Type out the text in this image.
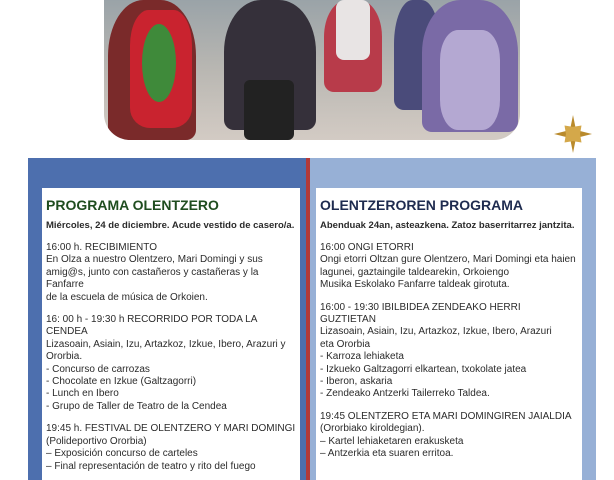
PROGRAMA OLENTZERO
Miércoles, 24 de diciembre. Acude vestido de casero/a.
16:00 h. RECIBIMIENTO
En Olza a nuestro Olentzero, Mari Domingi y sus
amig@s, junto con castañeros y castañeras y la Fanfarre
de la escuela de música de Orkoien.
16: 00 h - 19:30 h RECORRIDO POR TODA LA CENDEA
Lizasoain, Asiain, Izu, Artazkoz, Izkue, Ibero, Arazuri y
Ororbia.
- Concurso de carrozas
- Chocolate en Izkue (Galtzagorri)
- Lunch en Ibero
- Grupo de Taller de Teatro de la Cendea
19:45 h. FESTIVAL DE OLENTZERO Y MARI DOMINGI
(Polideportivo Ororbia)
– Exposición concurso de carteles
– Final representación de teatro y rito del fuego
OLENTZEROREN PROGRAMA
Abenduak 24an, asteazkena. Zatoz baserritarrez jantzita.
16:00 ONGI ETORRI
Ongi etorri Oltzan gure Olentzero, Mari Domingi eta haien
lagunei, gaztaingile taldearekin, Orkoiengo
Musika Eskolako Fanfarre taldeak girotuta.
16:00 - 19:30 IBILBIDEA ZENDEAKO HERRI GUZTIETAN
Lizasoain, Asiain, Izu, Artazkoz, Izkue, Ibero, Arazuri
eta Ororbia
- Karroza lehiaketa
- Izkueko Galtzagorri elkartean, txokolate jatea
- Iberon, askaria
- Zendeako Antzerki Tailerreko Taldea.
19:45 OLENTZERO ETA MARI DOMINGIREN JAIALDIA (Ororbiako kiroldegian).
– Kartel lehiaketaren erakusketa
– Antzerkia eta suaren erritoa.
